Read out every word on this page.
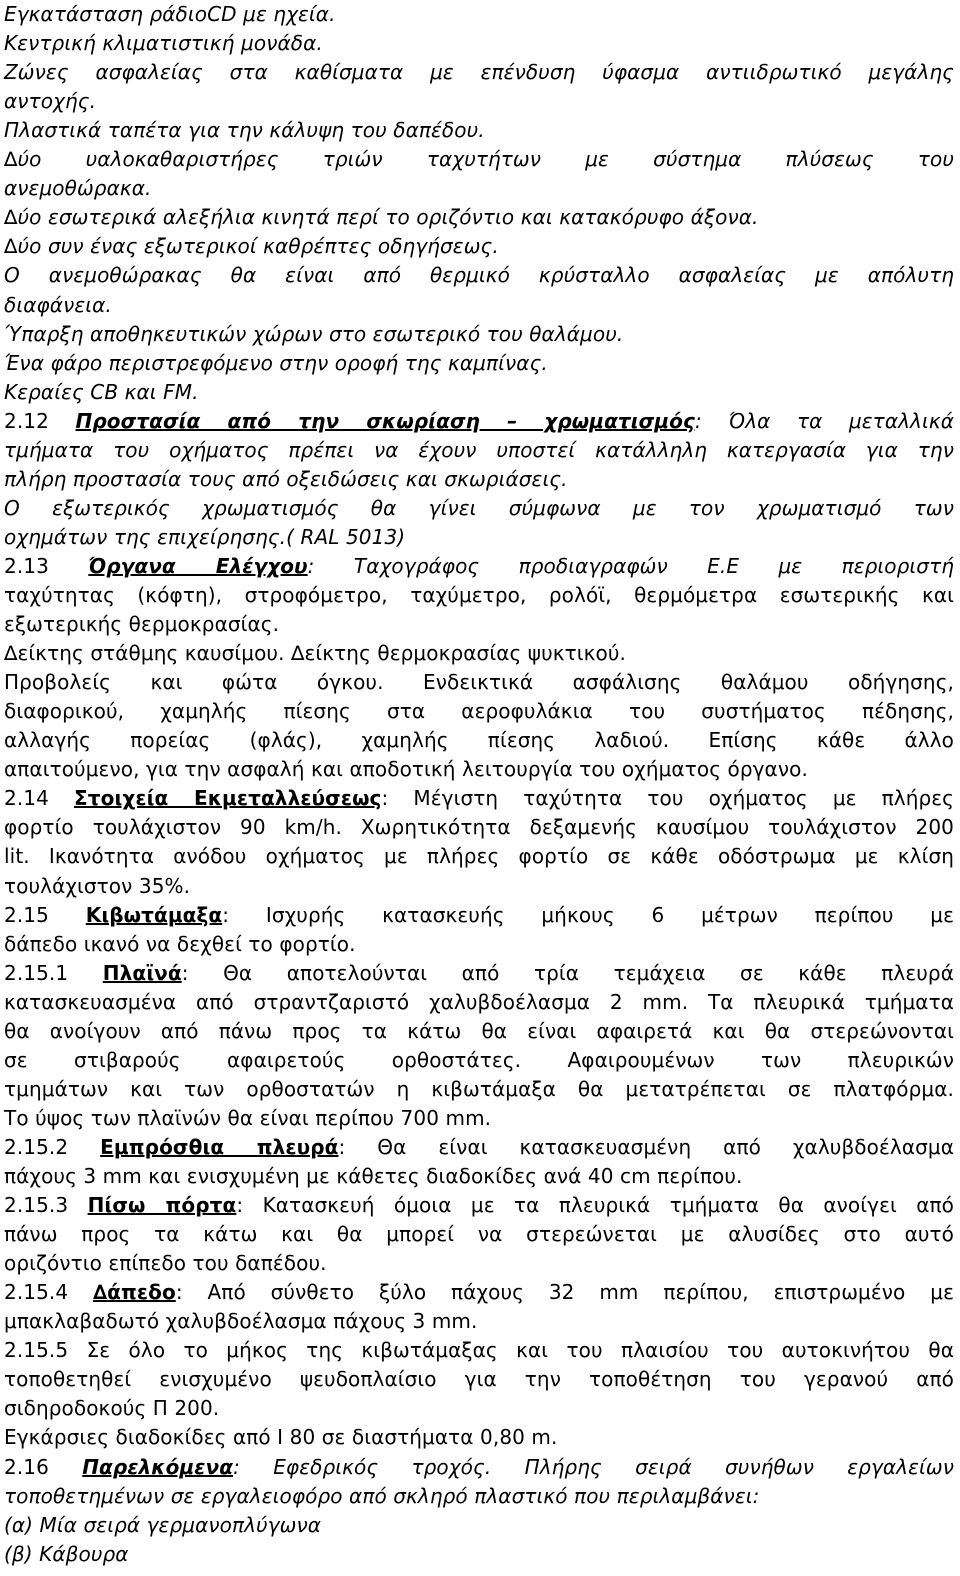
Εγκατάσταση ράδιοCD με ηχεία.
Κεντρική κλιματιστική μονάδα.
Ζώνες ασφαλείας στα καθίσματα με επένδυση ύφασμα αντιιδρωτικό μεγάλης
αντοχής.
Πλαστικά ταπέτα για την κάλυψη του δαπέδου.
∆ύο υαλοκαθαριστήρες τριών ταχυτήτων με σύστημα πλύσεως του
ανεμοθώρακα.
∆ύο εσωτερικά αλεξήλια κινητά περί το οριζόντιο και κατακόρυφο άξονα.
∆ύο συν ένας εξωτερικοί καθρέπτες οδηγήσεως.
Ο ανεμοθώρακας θα είναι από θερμικό κρύσταλλο ασφαλείας με απόλυτη
διαφάνεια.
Ύπαρξη αποθηκευτικών χώρων στο εσωτερικό του θαλάμου.
Ένα φάρο περιστρεφόμενο στην οροφή της καμπίνας.
Κεραίες CB και FM.
2.12 Προστασία από την σκωρίαση – χρωματισμός: Όλα τα μεταλλικά
τμήματα του οχήματος πρέπει να έχουν υποστεί κατάλληλη κατεργασία για την
πλήρη προστασία τους από οξειδώσεις και σκωριάσεις.
Ο εξωτερικός χρωματισμός θα γίνει σύμφωνα με τον χρωματισμό των
οχημάτων της επιχείρησης.( RAL 5013)
2.13 Όργανα Ελέγχου: Ταχογράφος προδιαγραφών Ε.Ε με περιοριστή
ταχύτητας (κόφτη), στροφόμετρο, ταχύμετρο, ρολόϊ, θερμόμετρα εσωτερικής και
εξωτερικής θερμοκρασίας.
∆είκτης στάθμης καυσίμου. ∆είκτης θερμοκρασίας ψυκτικού.
Προβολείς και φώτα όγκου. Ενδεικτικά ασφάλισης θαλάμου οδήγησης,
διαφορικού, χαμηλής πίεσης στα αεροφυλάκια του συστήματος πέδησης,
αλλαγής πορείας (φλάς), χαμηλής πίεσης λαδιού. Επίσης κάθε άλλο
απαιτούμενο, για την ασφαλή και αποδοτική λειτουργία του οχήματος όργανο.
2.14 Στοιχεία Εκμεταλλεύσεως: Μέγιστη ταχύτητα του οχήματος με πλήρες
φορτίο τουλάχιστον 90 km/h. Χωρητικότητα δεξαμενής καυσίμου τουλάχιστον 200
lit. Ικανότητα ανόδου οχήματος με πλήρες φορτίο σε κάθε οδόστρωμα με κλίση
τουλάχιστον 35%.
2.15 Κιβωτάμαξα: Ισχυρής κατασκευής μήκους 6 μέτρων περίπου με
δάπεδο ικανό να δεχθεί το φορτίο.
2.15.1 Πλαϊνά: Θα αποτελούνται από τρία τεμάχεια σε κάθε πλευρά
κατασκευασμένα από στραντζαριστό χαλυβδοέλασμα 2 mm. Τα πλευρικά τμήματα
θα ανοίγουν από πάνω προς τα κάτω θα είναι αφαιρετά και θα στερεώνονται
σε στιβαρούς αφαιρετούς ορθοστάτες. Αφαιρουμένων των πλευρικών
τμημάτων και των ορθοστατών η κιβωτάμαξα θα μετατρέπεται σε πλατφόρμα.
Το ύψος των πλαϊνών θα είναι περίπου 700 mm.
2.15.2 Εμπρόσθια πλευρά: Θα είναι κατασκευασμένη από χαλυβδοέλασμα
πάχους 3 mm και ενισχυμένη με κάθετες διαδοκίδες ανά 40 cm περίπου.
2.15.3 Πίσω πόρτα: Κατασκευή όμοια με τα πλευρικά τμήματα θα ανοίγει από
πάνω προς τα κάτω και θα μπορεί να στερεώνεται με αλυσίδες στο αυτό
οριζόντιο επίπεδο του δαπέδου.
2.15.4 ∆άπεδο: Από σύνθετο ξύλο πάχους 32 mm περίπου, επιστρωμένο με
μπακλαβαδωτό χαλυβδοέλασμα πάχους 3 mm.
2.15.5 Σε όλο το μήκος της κιβωτάμαξας και του πλαισίου του αυτοκινήτου θα
τοποθετηθεί ενισχυμένο ψευδοπλαίσιο για την τοποθέτηση του γερανού από
σιδηροδοκούς Π 200.
Εγκάρσιες διαδοκίδες από I 80 σε διαστήματα 0,80 m.
2.16 Παρελκόμενα: Εφεδρικός τροχός. Πλήρης σειρά συνήθων εργαλείων
τοποθετημένων σε εργαλειοφόρο από σκληρό πλαστικό που περιλαμβάνει:
(α) Μία σειρά γερμανοπλύγωνα
(β) Κάβουρα
